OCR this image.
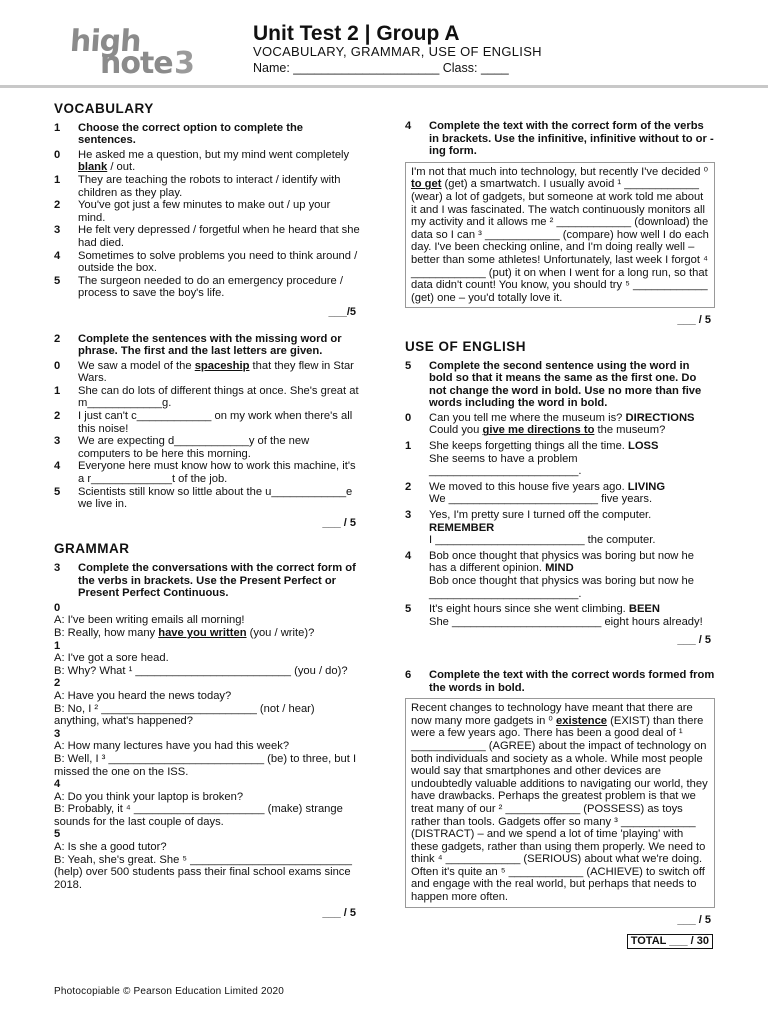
high
note 3
Unit Test 2 | Group A
VOCABULARY, GRAMMAR, USE OF ENGLISH
Name: _____________________ Class: ____
VOCABULARY
1	Choose the correct option to complete the sentences.
0	He asked me a question, but my mind went completely blank / out.
1	They are teaching the robots to interact / identify with children as they play.
2	You've got just a few minutes to make out / up your mind.
3	He felt very depressed / forgetful when he heard that she had died.
4	Sometimes to solve problems you need to think around / outside the box.
5	The surgeon needed to do an emergency procedure / process to save the boy's life.
___/5
2	Complete the sentences with the missing word or phrase. The first and the last letters are given.
0	We saw a model of the spaceship that they flew in Star Wars.
1	She can do lots of different things at once. She's great at m____________g.
2	I just can't c____________ on my work when there's all this noise!
3	We are expecting d____________y of the new computers to be here this morning.
4	Everyone here must know how to work this machine, it's a r_____________t of the job.
5	Scientists still know so little about the u____________e we live in.
___ / 5
GRAMMAR
3	Complete the conversations with the correct form of the verbs in brackets. Use the Present Perfect or Present Perfect Continuous.
0
A: I've been writing emails all morning!
B: Really, how many have you written (you / write)?
1
A: I've got a sore head.
B: Why? What ¹ _________________________ (you / do)?
2
A: Have you heard the news today?
B: No, I ² _________________________ (not / hear) anything, what's happened?
3
A: How many lectures have you had this week?
B: Well, I ³ _________________________ (be) to three, but I missed the one on the ISS.
4
A: Do you think your laptop is broken?
B: Probably, it ⁴ _____________________ (make) strange sounds for the last couple of days.
5
A: Is she a good tutor?
B: Yeah, she's great. She ⁵ __________________________ (help) over 500 students pass their final school exams since 2018.
___ / 5
4	Complete the text with the correct form of the verbs in brackets. Use the infinitive, infinitive without to or -ing form.
I'm not that much into technology, but recently I've decided ⁰ to get (get) a smartwatch. I usually avoid ¹ ____________ (wear) a lot of gadgets, but someone at work told me about it and I was fascinated. The watch continuously monitors all my activity and it allows me ² ____________ (download) the data so I can ³ ____________ (compare) how well I do each day. I've been checking online, and I'm doing really well – better than some athletes! Unfortunately, last week I forgot ⁴ ____________ (put) it on when I went for a long run, so that data didn't count! You know, you should try ⁵ ____________ (get) one – you'd totally love it.
___ / 5
USE OF ENGLISH
5	Complete the second sentence using the word in bold so that it means the same as the first one. Do not change the word in bold. Use no more than five words including the word in bold.
0	Can you tell me where the museum is? DIRECTIONS
Could you give me directions to the museum?
1	She keeps forgetting things all the time. LOSS
She seems to have a problem ________________________.
2	We moved to this house five years ago. LIVING
We ________________________ five years.
3	Yes, I'm pretty sure I turned off the computer. REMEMBER
I ________________________ the computer.
4	Bob once thought that physics was boring but now he has a different opinion. MIND
Bob once thought that physics was boring but now he ________________________.
5	It's eight hours since she went climbing. BEEN
She ________________________ eight hours already!
___ / 5
6	Complete the text with the correct words formed from the words in bold.
Recent changes to technology have meant that there are now many more gadgets in ⁰ existence (EXIST) than there were a few years ago. There has been a good deal of ¹ ____________ (AGREE) about the impact of technology on both individuals and society as a whole. While most people would say that smartphones and other devices are undoubtedly valuable additions to navigating our world, they have drawbacks. Perhaps the greatest problem is that we treat many of our ² ____________ (POSSESS) as toys rather than tools. Gadgets offer so many ³ ____________ (DISTRACT) – and we spend a lot of time 'playing' with these gadgets, rather than using them properly. We need to think ⁴ ____________ (SERIOUS) about what we're doing. Often it's quite an ⁵ ____________ (ACHIEVE) to switch off and engage with the real world, but perhaps that needs to happen more often.
___ / 5
TOTAL ___ / 30
Photocopiable © Pearson Education Limited 2020
